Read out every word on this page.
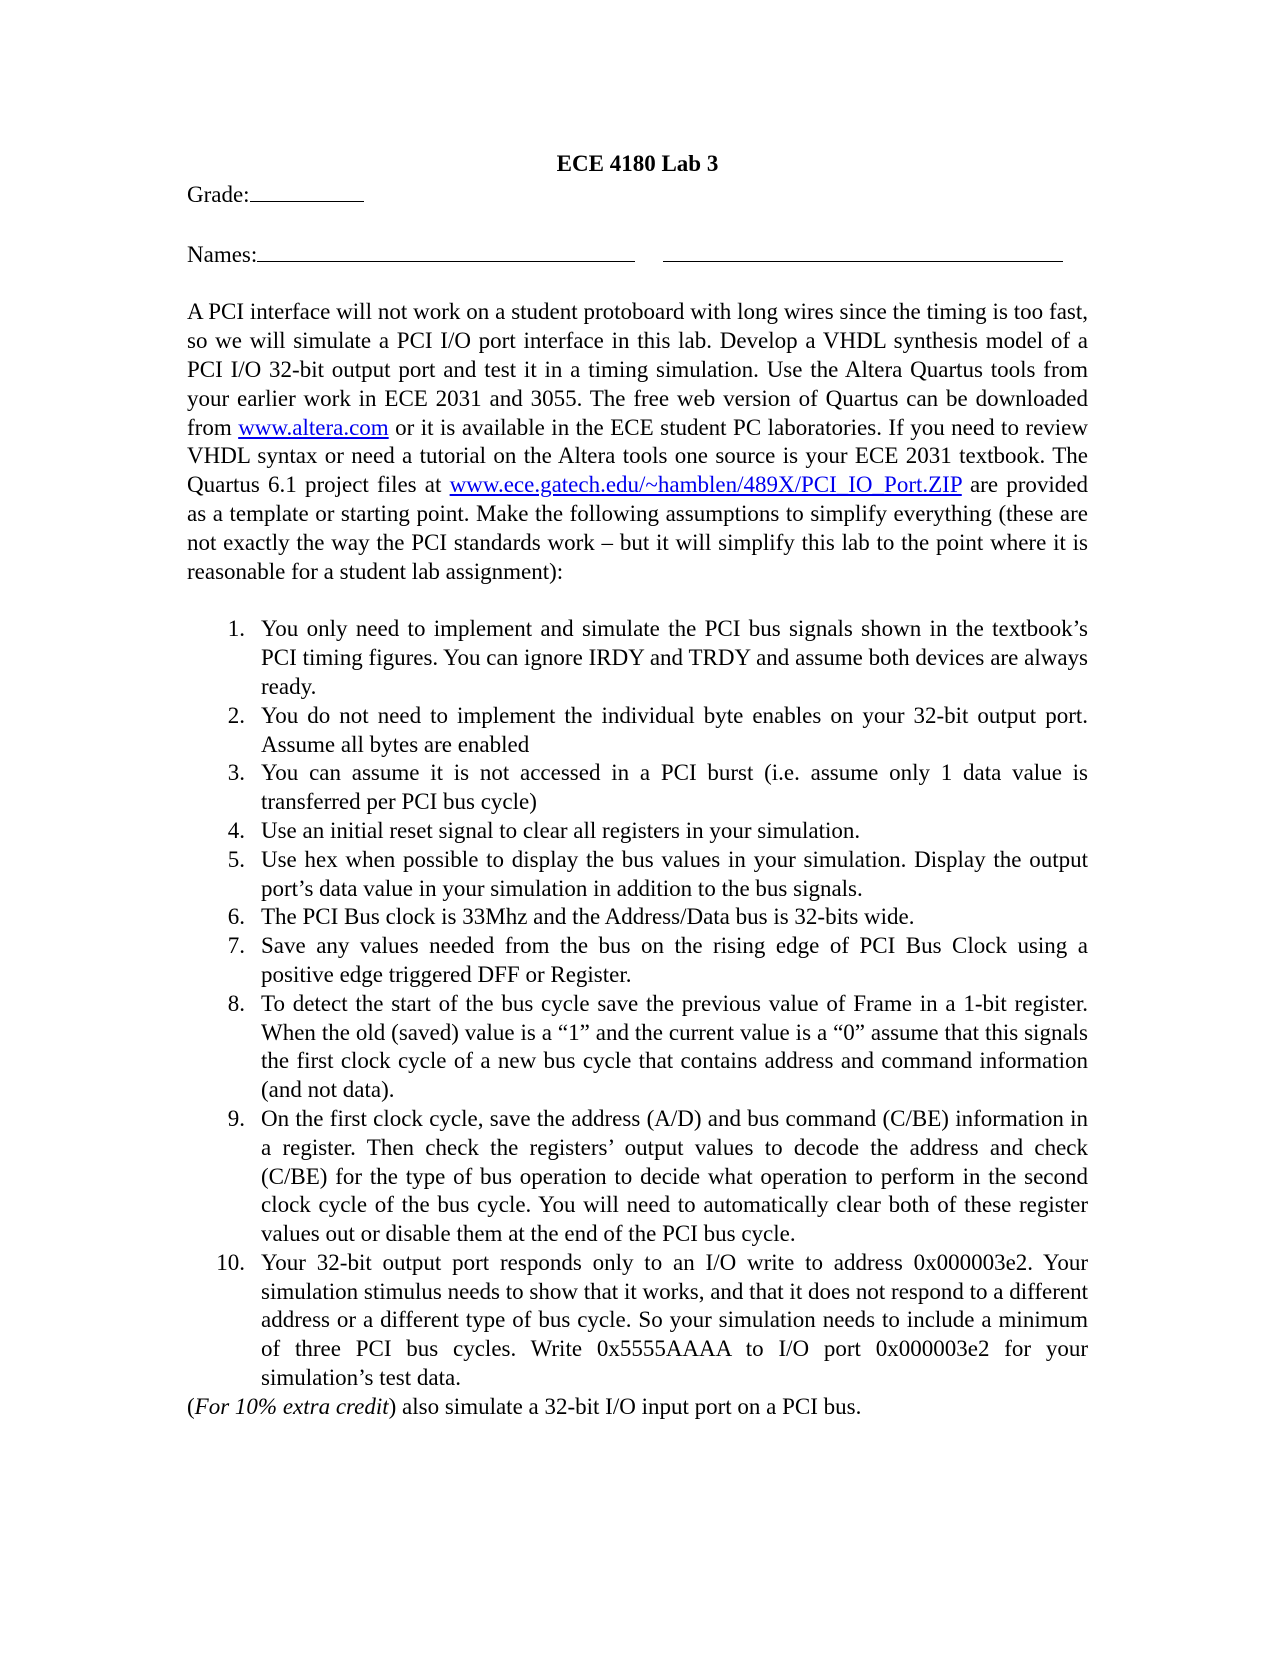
ECE 4180 Lab 3

Grade:

Names:

A PCI interface will not work on a student protoboard with long wires since the timing is too fast, so we will simulate a PCI I/O port interface in this lab. Develop a VHDL synthesis model of a PCI I/O 32-bit output port and test it in a timing simulation. Use the Altera Quartus tools from your earlier work in ECE 2031 and 3055. The free web version of Quartus can be downloaded from www.altera.com or it is available in the ECE student PC laboratories. If you need to review VHDL syntax or need a tutorial on the Altera tools one source is your ECE 2031 textbook. The Quartus 6.1 project files at www.ece.gatech.edu/~hamblen/489X/PCI_IO_Port.ZIP are provided as a template or starting point. Make the following assumptions to simplify everything (these are not exactly the way the PCI standards work – but it will simplify this lab to the point where it is reasonable for a student lab assignment):

1. You only need to implement and simulate the PCI bus signals shown in the textbook’s PCI timing figures. You can ignore IRDY and TRDY and assume both devices are always ready.
2. You do not need to implement the individual byte enables on your 32-bit output port. Assume all bytes are enabled
3. You can assume it is not accessed in a PCI burst (i.e. assume only 1 data value is transferred per PCI bus cycle)
4. Use an initial reset signal to clear all registers in your simulation.
5. Use hex when possible to display the bus values in your simulation. Display the output port’s data value in your simulation in addition to the bus signals.
6. The PCI Bus clock is 33Mhz and the Address/Data bus is 32-bits wide.
7. Save any values needed from the bus on the rising edge of PCI Bus Clock using a positive edge triggered DFF or Register.
8. To detect the start of the bus cycle save the previous value of Frame in a 1-bit register. When the old (saved) value is a “1” and the current value is a “0” assume that this signals the first clock cycle of a new bus cycle that contains address and command information (and not data).
9. On the first clock cycle, save the address (A/D) and bus command (C/BE) information in a register. Then check the registers’ output values to decode the address and check (C/BE) for the type of bus operation to decide what operation to perform in the second clock cycle of the bus cycle. You will need to automatically clear both of these register values out or disable them at the end of the PCI bus cycle.
10. Your 32-bit output port responds only to an I/O write to address 0x000003e2. Your simulation stimulus needs to show that it works, and that it does not respond to a different address or a different type of bus cycle. So your simulation needs to include a minimum of three PCI bus cycles. Write 0x5555AAAA to I/O port 0x000003e2 for your simulation’s test data.

(For 10% extra credit) also simulate a 32-bit I/O input port on a PCI bus.
